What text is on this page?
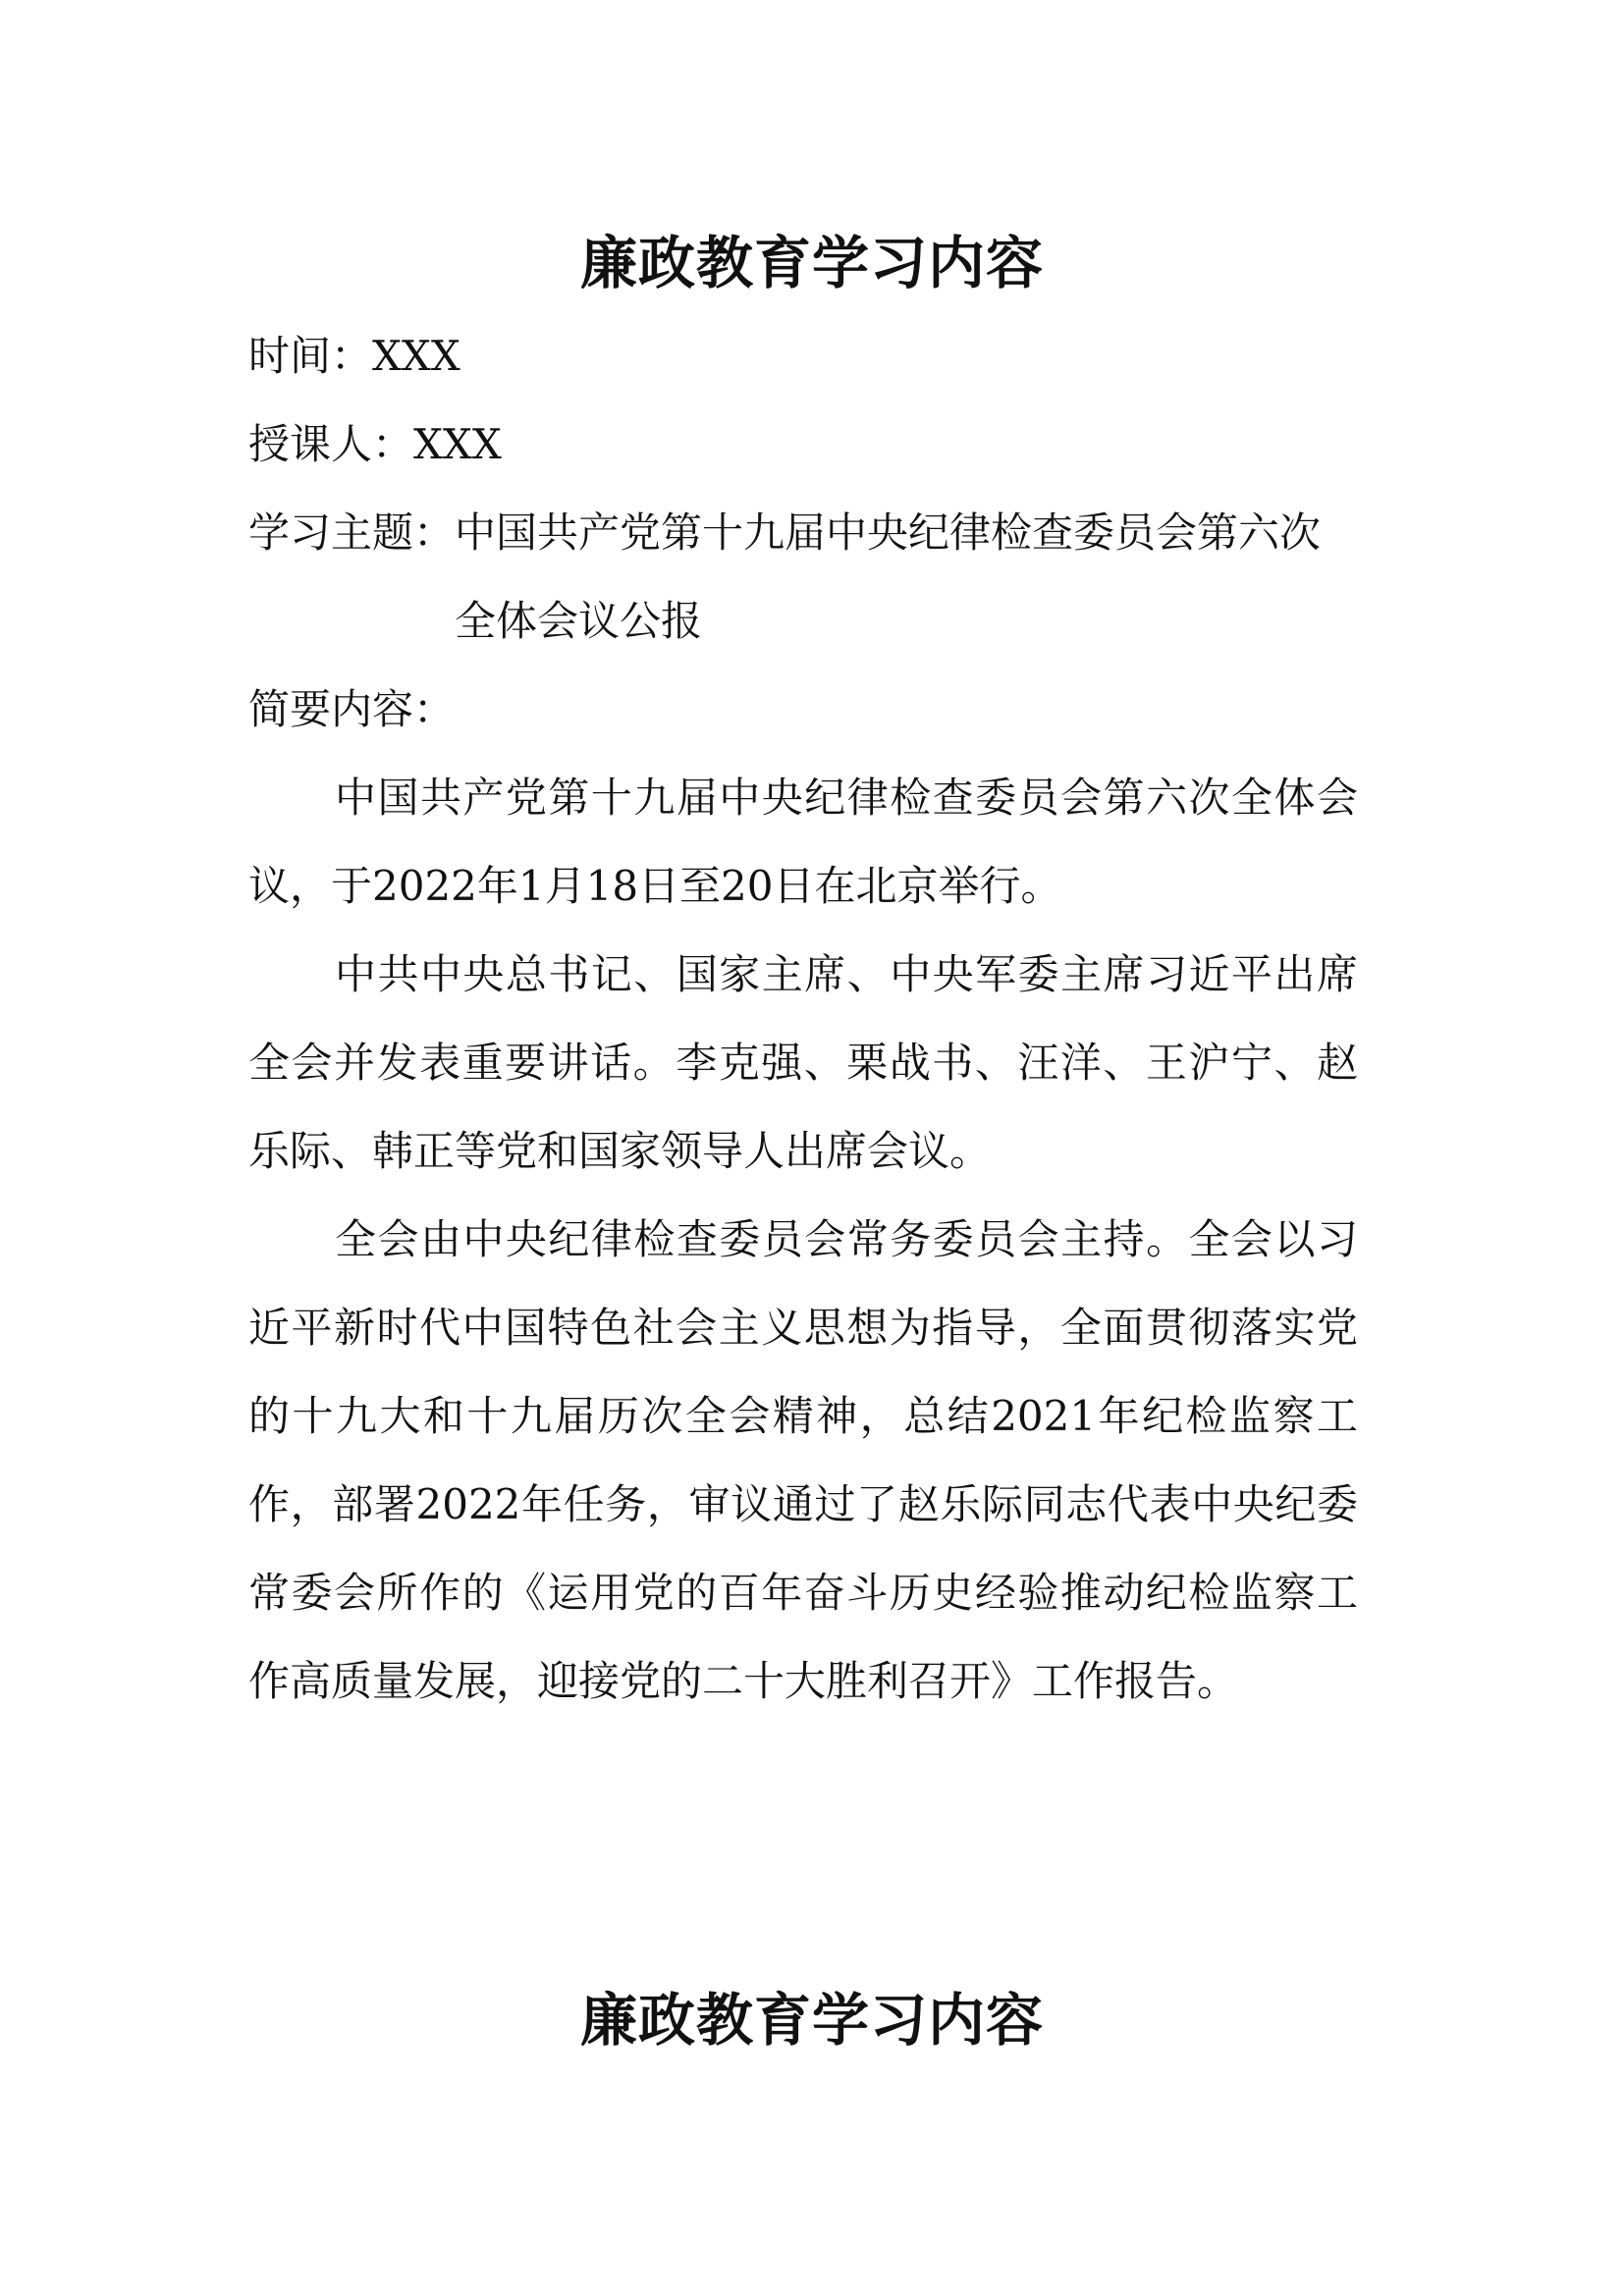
廉政教育学习内容
时间：XXX
授课人：XXX
学习主题： 中国共产党第十九届中央纪律检查委员会第六次全体会议公报
简要内容：

中国共产党第十九届中央纪律检查委员会第六次全体会议，于2022年1月18日至20日在北京举行。

中共中央总书记、国家主席、中央军委主席习近平出席全会并发表重要讲话。李克强、栗战书、汪洋、王沪宁、赵乐际、韩正等党和国家领导人出席会议。

全会由中央纪律检查委员会常务委员会主持。全会以习近平新时代中国特色社会主义思想为指导，全面贯彻落实党的十九大和十九届历次全会精神，总结2021年纪检监察工作，部署2022年任务，审议通过了赵乐际同志代表中央纪委常委会所作的《运用党的百年奋斗历史经验推动纪检监察工作高质量发展，迎接党的二十大胜利召开》工作报告。

廉政教育学习内容
